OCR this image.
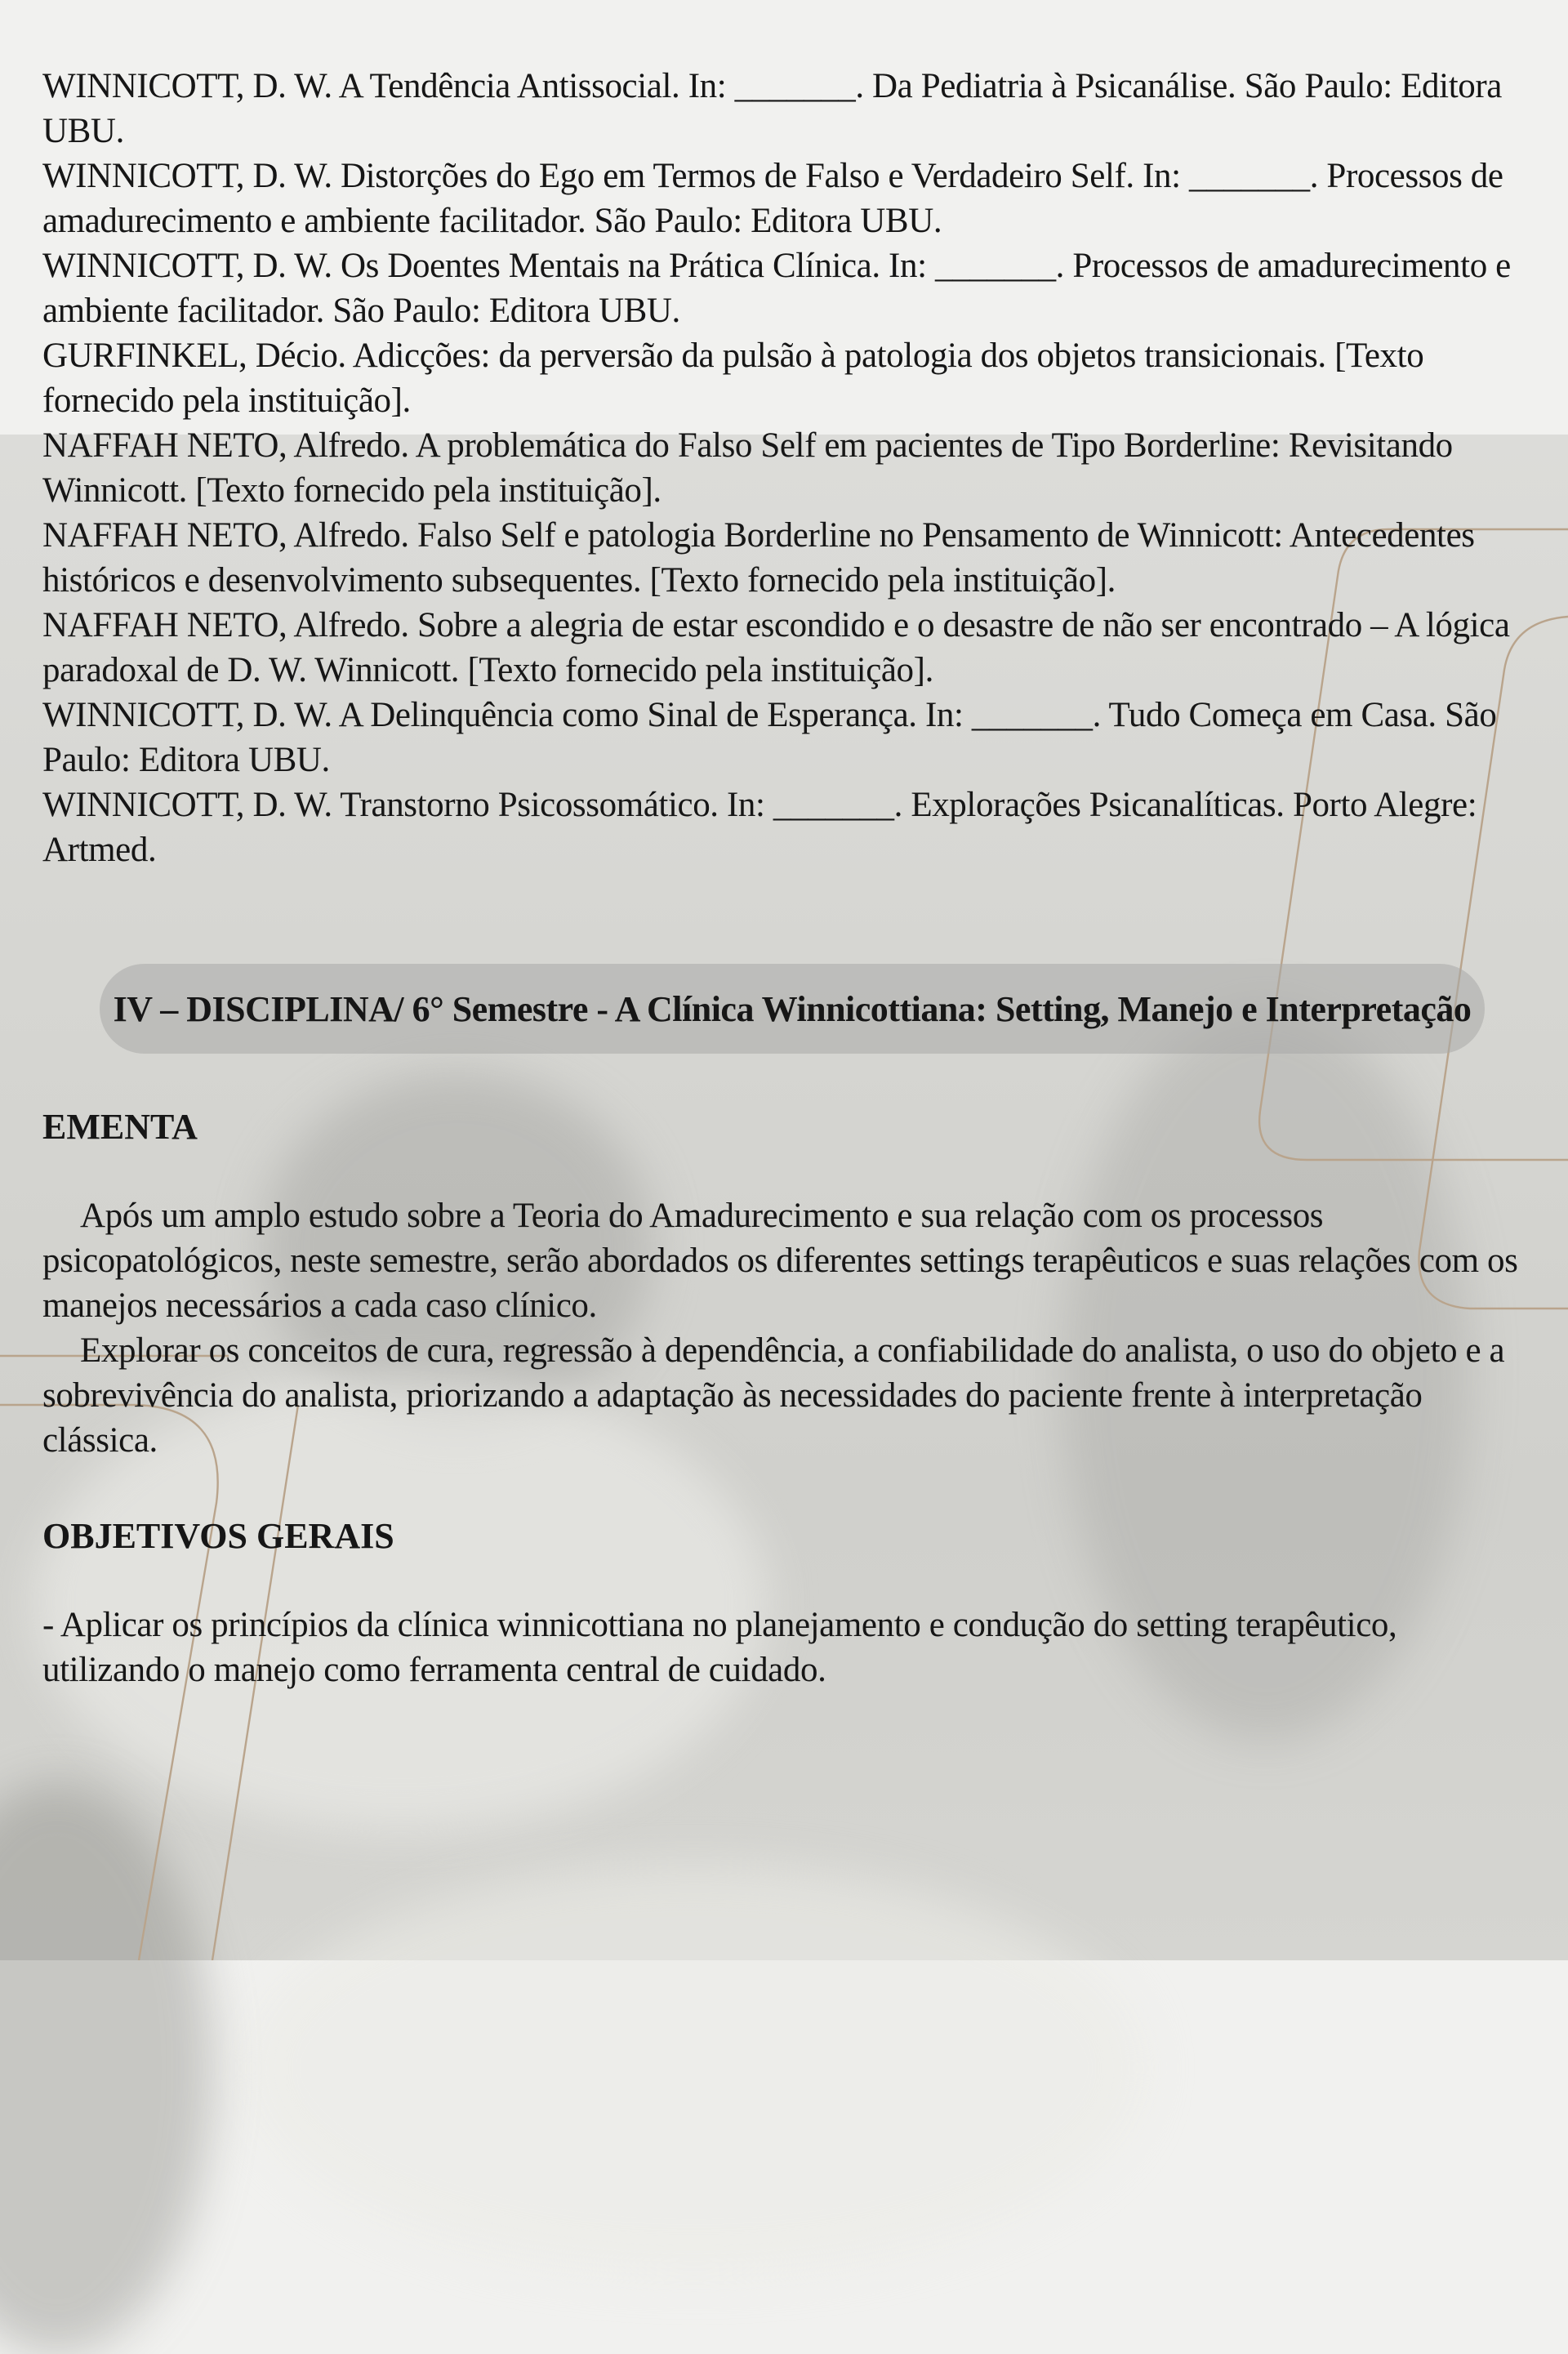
WINNICOTT, D. W. A Tendência Antissocial. In: _______. Da Pediatria à Psicanálise. São Paulo: Editora UBU.

WINNICOTT, D. W. Distorções do Ego em Termos de Falso e Verdadeiro Self. In: _______. Processos de amadurecimento e ambiente facilitador. São Paulo: Editora UBU.

WINNICOTT, D. W. Os Doentes Mentais na Prática Clínica. In: _______. Processos de amadurecimento e ambiente facilitador. São Paulo: Editora UBU.

GURFINKEL, Décio. Adicções: da perversão da pulsão à patologia dos objetos transicionais. [Texto fornecido pela instituição].

NAFFAH NETO, Alfredo. A problemática do Falso Self em pacientes de Tipo Borderline: Revisitando Winnicott. [Texto fornecido pela instituição].

NAFFAH NETO, Alfredo. Falso Self e patologia Borderline no Pensamento de Winnicott: Antecedentes históricos e desenvolvimento subsequentes. [Texto fornecido pela instituição].

NAFFAH NETO, Alfredo. Sobre a alegria de estar escondido e o desastre de não ser encontrado – A lógica paradoxal de D. W. Winnicott. [Texto fornecido pela instituição].

WINNICOTT, D. W. A Delinquência como Sinal de Esperança. In: _______. Tudo Começa em Casa. São Paulo: Editora UBU.

WINNICOTT, D. W. Transtorno Psicossomático. In: _______. Explorações Psicanalíticas. Porto Alegre: Artmed.

IV – DISCIPLINA/ 6° Semestre - A Clínica Winnicottiana: Setting, Manejo e Interpretação
EMENTA

Após um amplo estudo sobre a Teoria do Amadurecimento e sua relação com os processos psicopatológicos, neste semestre, serão abordados os diferentes settings terapêuticos e suas relações com os manejos necessários a cada caso clínico.

Explorar os conceitos de cura, regressão à dependência, a confiabilidade do analista, o uso do objeto e a sobrevivência do analista, priorizando a adaptação às necessidades do paciente frente à interpretação clássica.

OBJETIVOS GERAIS

- Aplicar os princípios da clínica winnicottiana no planejamento e condução do setting terapêutico, utilizando o manejo como ferramenta central de cuidado.
